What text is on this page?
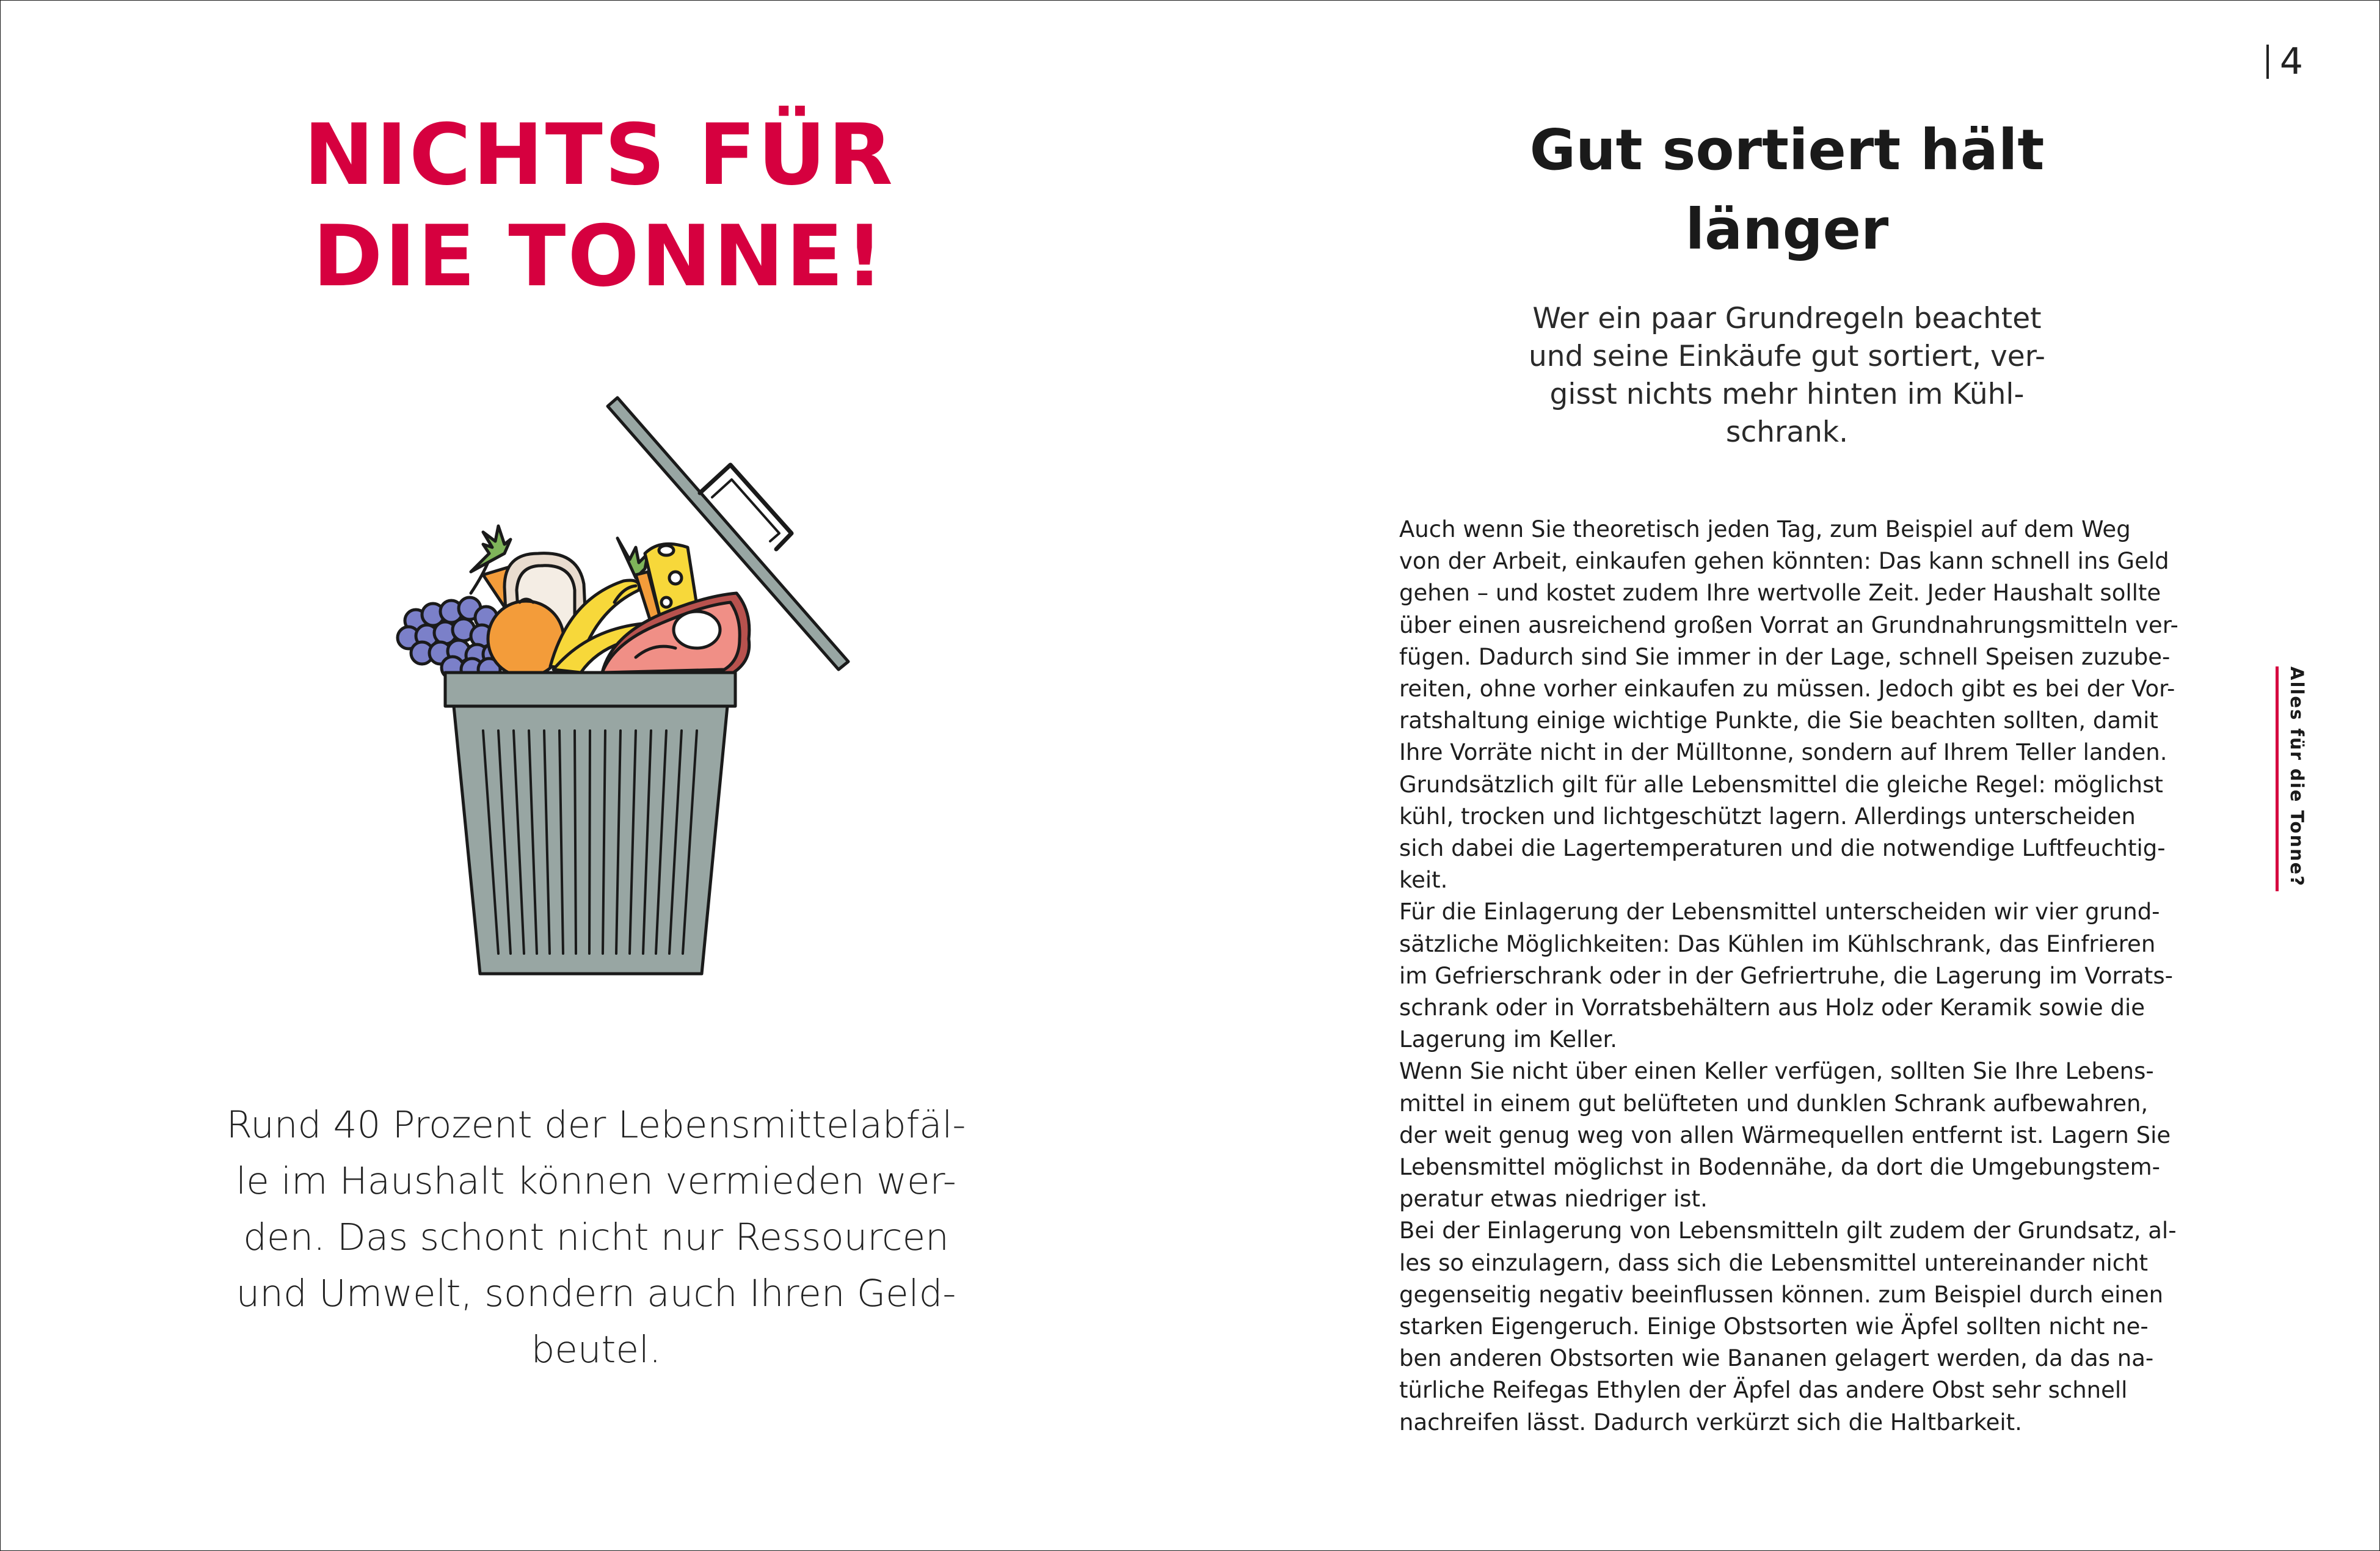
NICHTS FÜR
DIE TONNE!

Rund 40 Prozent der Lebensmittelabfäl-
le im Haushalt können vermieden wer-
den. Das schont nicht nur Ressourcen
und Umwelt, sondern auch Ihren Geld-
beutel.

4
Gut sortiert hält
länger

Wer ein paar Grundregeln beachtet
und seine Einkäufe gut sortiert, ver-
gisst nichts mehr hinten im Kühl-
schrank.

Auch wenn Sie theoretisch jeden Tag, zum Beispiel auf dem Weg
von der Arbeit, einkaufen gehen könnten: Das kann schnell ins Geld
gehen – und kostet zudem Ihre wertvolle Zeit. Jeder Haushalt sollte
über einen ausreichend großen Vorrat an Grundnahrungsmitteln ver-
fügen. Dadurch sind Sie immer in der Lage, schnell Speisen zuzube-
reiten, ohne vorher einkaufen zu müssen. Jedoch gibt es bei der Vor-
ratshaltung einige wichtige Punkte, die Sie beachten sollten, damit
Ihre Vorräte nicht in der Mülltonne, sondern auf Ihrem Teller landen.
Grundsätzlich gilt für alle Lebensmittel die gleiche Regel: möglichst
kühl, trocken und lichtgeschützt lagern. Allerdings unterscheiden
sich dabei die Lagertemperaturen und die notwendige Luftfeuchtig-
keit.
Für die Einlagerung der Lebensmittel unterscheiden wir vier grund-
sätzliche Möglichkeiten: Das Kühlen im Kühlschrank, das Einfrieren
im Gefrierschrank oder in der Gefriertruhe, die Lagerung im Vorrats-
schrank oder in Vorratsbehältern aus Holz oder Keramik sowie die
Lagerung im Keller.
Wenn Sie nicht über einen Keller verfügen, sollten Sie Ihre Lebens-
mittel in einem gut belüfteten und dunklen Schrank aufbewahren,
der weit genug weg von allen Wärmequellen entfernt ist. Lagern Sie
Lebensmittel möglichst in Bodennähe, da dort die Umgebungstem-
peratur etwas niedriger ist.
Bei der Einlagerung von Lebensmitteln gilt zudem der Grundsatz, al-
les so einzulagern, dass sich die Lebensmittel untereinander nicht
gegenseitig negativ beeinflussen können. zum Beispiel durch einen
starken Eigengeruch. Einige Obstsorten wie Äpfel sollten nicht ne-
ben anderen Obstsorten wie Bananen gelagert werden, da das na-
türliche Reifegas Ethylen der Äpfel das andere Obst sehr schnell
nachreifen lässt. Dadurch verkürzt sich die Haltbarkeit.
Alles für die Tonne?
